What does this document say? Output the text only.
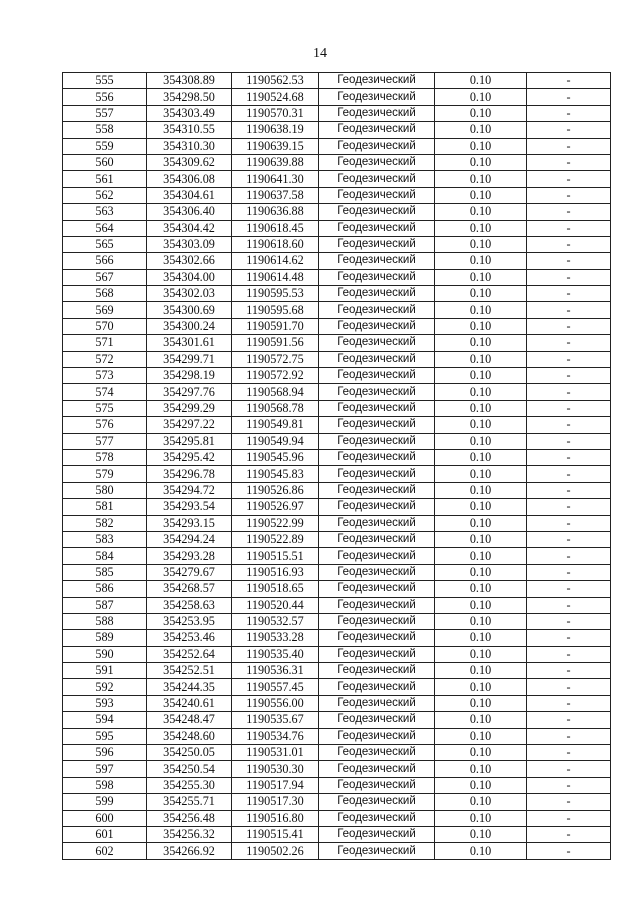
14
555	354308.89	1190562.53	Геодезический	0.10	-
556	354298.50	1190524.68	Геодезический	0.10	-
557	354303.49	1190570.31	Геодезический	0.10	-
558	354310.55	1190638.19	Геодезический	0.10	-
559	354310.30	1190639.15	Геодезический	0.10	-
560	354309.62	1190639.88	Геодезический	0.10	-
561	354306.08	1190641.30	Геодезический	0.10	-
562	354304.61	1190637.58	Геодезический	0.10	-
563	354306.40	1190636.88	Геодезический	0.10	-
564	354304.42	1190618.45	Геодезический	0.10	-
565	354303.09	1190618.60	Геодезический	0.10	-
566	354302.66	1190614.62	Геодезический	0.10	-
567	354304.00	1190614.48	Геодезический	0.10	-
568	354302.03	1190595.53	Геодезический	0.10	-
569	354300.69	1190595.68	Геодезический	0.10	-
570	354300.24	1190591.70	Геодезический	0.10	-
571	354301.61	1190591.56	Геодезический	0.10	-
572	354299.71	1190572.75	Геодезический	0.10	-
573	354298.19	1190572.92	Геодезический	0.10	-
574	354297.76	1190568.94	Геодезический	0.10	-
575	354299.29	1190568.78	Геодезический	0.10	-
576	354297.22	1190549.81	Геодезический	0.10	-
577	354295.81	1190549.94	Геодезический	0.10	-
578	354295.42	1190545.96	Геодезический	0.10	-
579	354296.78	1190545.83	Геодезический	0.10	-
580	354294.72	1190526.86	Геодезический	0.10	-
581	354293.54	1190526.97	Геодезический	0.10	-
582	354293.15	1190522.99	Геодезический	0.10	-
583	354294.24	1190522.89	Геодезический	0.10	-
584	354293.28	1190515.51	Геодезический	0.10	-
585	354279.67	1190516.93	Геодезический	0.10	-
586	354268.57	1190518.65	Геодезический	0.10	-
587	354258.63	1190520.44	Геодезический	0.10	-
588	354253.95	1190532.57	Геодезический	0.10	-
589	354253.46	1190533.28	Геодезический	0.10	-
590	354252.64	1190535.40	Геодезический	0.10	-
591	354252.51	1190536.31	Геодезический	0.10	-
592	354244.35	1190557.45	Геодезический	0.10	-
593	354240.61	1190556.00	Геодезический	0.10	-
594	354248.47	1190535.67	Геодезический	0.10	-
595	354248.60	1190534.76	Геодезический	0.10	-
596	354250.05	1190531.01	Геодезический	0.10	-
597	354250.54	1190530.30	Геодезический	0.10	-
598	354255.30	1190517.94	Геодезический	0.10	-
599	354255.71	1190517.30	Геодезический	0.10	-
600	354256.48	1190516.80	Геодезический	0.10	-
601	354256.32	1190515.41	Геодезический	0.10	-
602	354266.92	1190502.26	Геодезический	0.10	-
